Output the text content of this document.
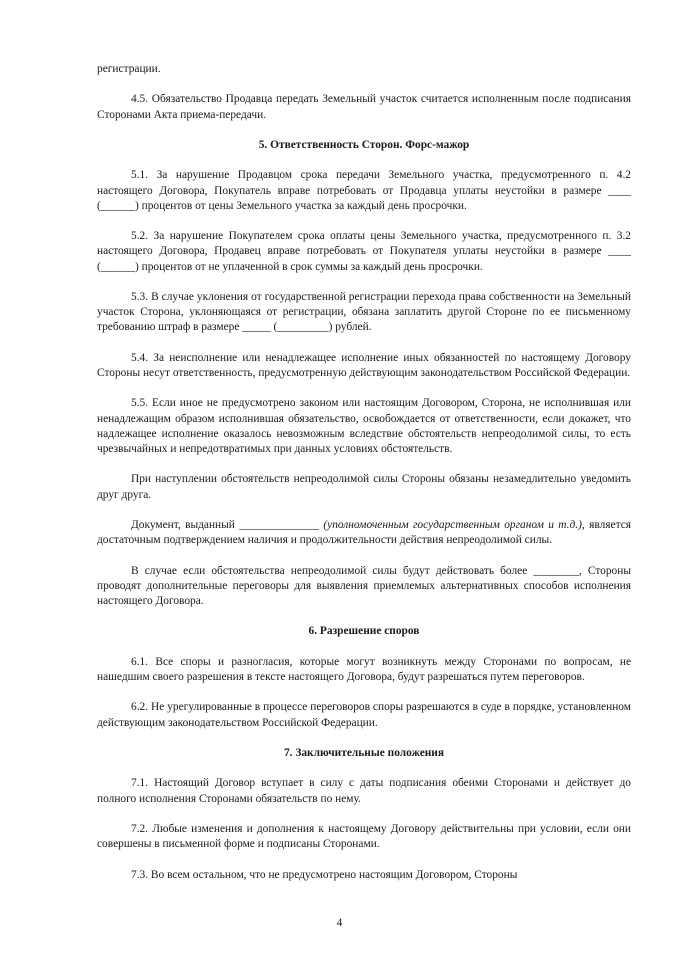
регистрации.

4.5. Обязательство Продавца передать Земельный участок считается исполненным после подписания Сторонами Акта приема-передачи.

5. Ответственность Сторон. Форс-мажор

5.1. За нарушение Продавцом срока передачи Земельного участка, предусмотренного п. 4.2 настоящего Договора, Покупатель вправе потребовать от Продавца уплаты неустойки в размере ____ (______) процентов от цены Земельного участка за каждый день просрочки.

5.2. За нарушение Покупателем срока оплаты цены Земельного участка, предусмотренного п. 3.2 настоящего Договора, Продавец вправе потребовать от Покупателя уплаты неустойки в размере ____ (______) процентов от не уплаченной в срок суммы за каждый день просрочки.

5.3. В случае уклонения от государственной регистрации перехода права собственности на Земельный участок Сторона, уклоняющаяся от регистрации, обязана заплатить другой Стороне по ее письменному требованию штраф в размере _____ (_________) рублей.

5.4. За неисполнение или ненадлежащее исполнение иных обязанностей по настоящему Договору Стороны несут ответственность, предусмотренную действующим законодательством Российской Федерации.

5.5. Если иное не предусмотрено законом или настоящим Договором, Сторона, не исполнившая или ненадлежащим образом исполнившая обязательство, освобождается от ответственности, если докажет, что надлежащее исполнение оказалось невозможным вследствие обстоятельств непреодолимой силы, то есть чрезвычайных и непредотвратимых при данных условиях обстоятельств.

При наступлении обстоятельств непреодолимой силы Стороны обязаны незамедлительно уведомить друг друга.

Документ, выданный ______________ (уполномоченным государственным органом и т.д.), является достаточным подтверждением наличия и продолжительности действия непреодолимой силы.

В случае если обстоятельства непреодолимой силы будут действовать более ________, Стороны проводят дополнительные переговоры для выявления приемлемых альтернативных способов исполнения настоящего Договора.

6. Разрешение споров

6.1. Все споры и разногласия, которые могут возникнуть между Сторонами по вопросам, не нашедшим своего разрешения в тексте настоящего Договора, будут разрешаться путем переговоров.

6.2. Не урегулированные в процессе переговоров споры разрешаются в суде в порядке, установленном действующим законодательством Российской Федерации.

7. Заключительные положения

7.1. Настоящий Договор вступает в силу с даты подписания обеими Сторонами и действует до полного исполнения Сторонами обязательств по нему.

7.2. Любые изменения и дополнения к настоящему Договору действительны при условии, если они совершены в письменной форме и подписаны Сторонами.

7.3. Во всем остальном, что не предусмотрено настоящим Договором, Стороны

4
